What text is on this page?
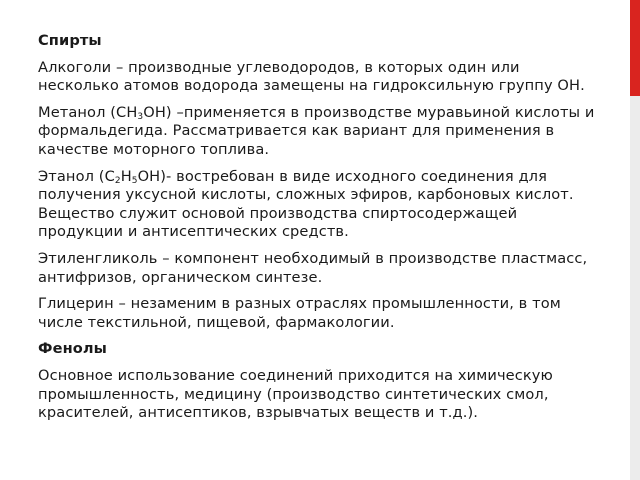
Спирты
Алкоголи – производные углеводородов, в которых один или несколько атомов водорода замещены на гидроксильную группу ОН.
Метанол $(CH_3OH)$ –применяется в производстве муравьиной кислоты и формальдегида. Рассматривается как вариант для применения в качестве моторного топлива.
Этанол $(C_2H_5OH)-$ востребован в виде исходного соединения для получения уксусной кислоты, сложных эфиров, карбоновых кислот. Вещество служит основой производства спиртосодержащей продукции и антисептических средств.
Этиленгликоль – компонент необходимый в производстве пластмасс, антифризов, органическом синтезе.
Глицерин – незаменим в разных отраслях промышленности, в том числе текстильной, пищевой, фармакологии.
Фенолы
Основное использование соединений приходится на химическую промышленность, медицину (производство синтетических смол, красителей, антисептиков, взрывчатых веществ и т.д.).
